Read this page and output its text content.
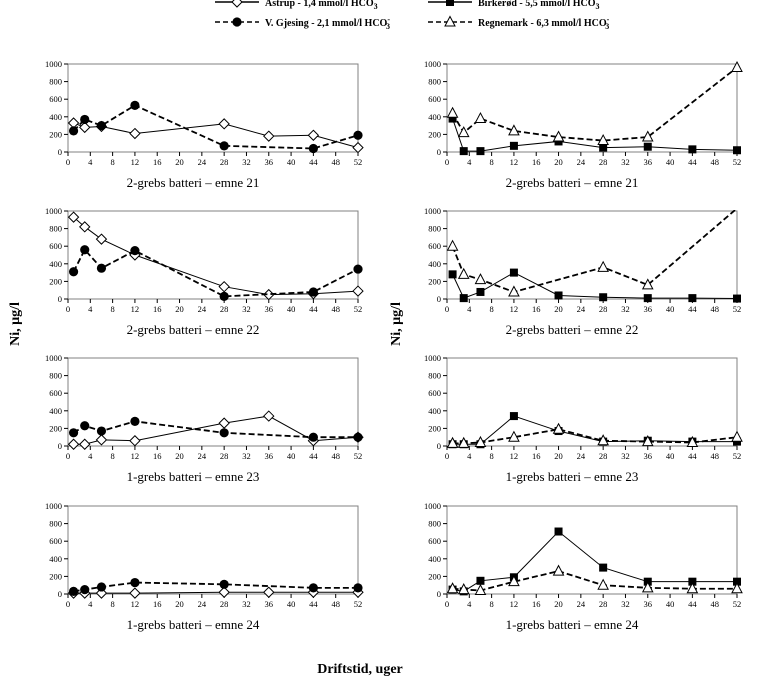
Astrup - 1,4 mmol/l $HCO_3$	Birkerød - 5,5 mmol/l $HCO_3$
V. Gjesing - 2,1 mmol/l HCO-3	Regnemark - 6,3 mmol/l HCO-3
0
200
400
600
800
1000
0 4 8 12 16 20 24 28 32 36 40 44 48 52
2-grebs batteri – emne 21
0
200
400
600
800
1000
0 4 8 12 16 20 24 28 32 36 40 44 48 52
2-grebs batteri – emne 21
0
200
400
600
800
1000
0 4 8 12 16 20 24 28 32 36 40 44 48 52
2-grebs batteri – emne 22
0
200
400
600
800
1000
0 4 8 12 16 20 24 28 32 36 40 44 48 52
2-grebs batteri – emne 22
0
200
400
600
800
1000
0 4 8 12 16 20 24 28 32 36 40 44 48 52
1-grebs batteri – emne 23
0
200
400
600
800
1000
0 4 8 12 16 20 24 28 32 36 40 44 48 52
1-grebs batteri – emne 23
0
200
400
600
800
1000
0 4 8 12 16 20 24 28 32 36 40 44 48 52
1-grebs batteri – emne 24
0
200
400
600
800
1000
0 4 8 12 16 20 24 28 32 36 40 44 48 52
1-grebs batteri – emne 24
Ni, µg/l	Ni, µg/l
Driftstid, uger
